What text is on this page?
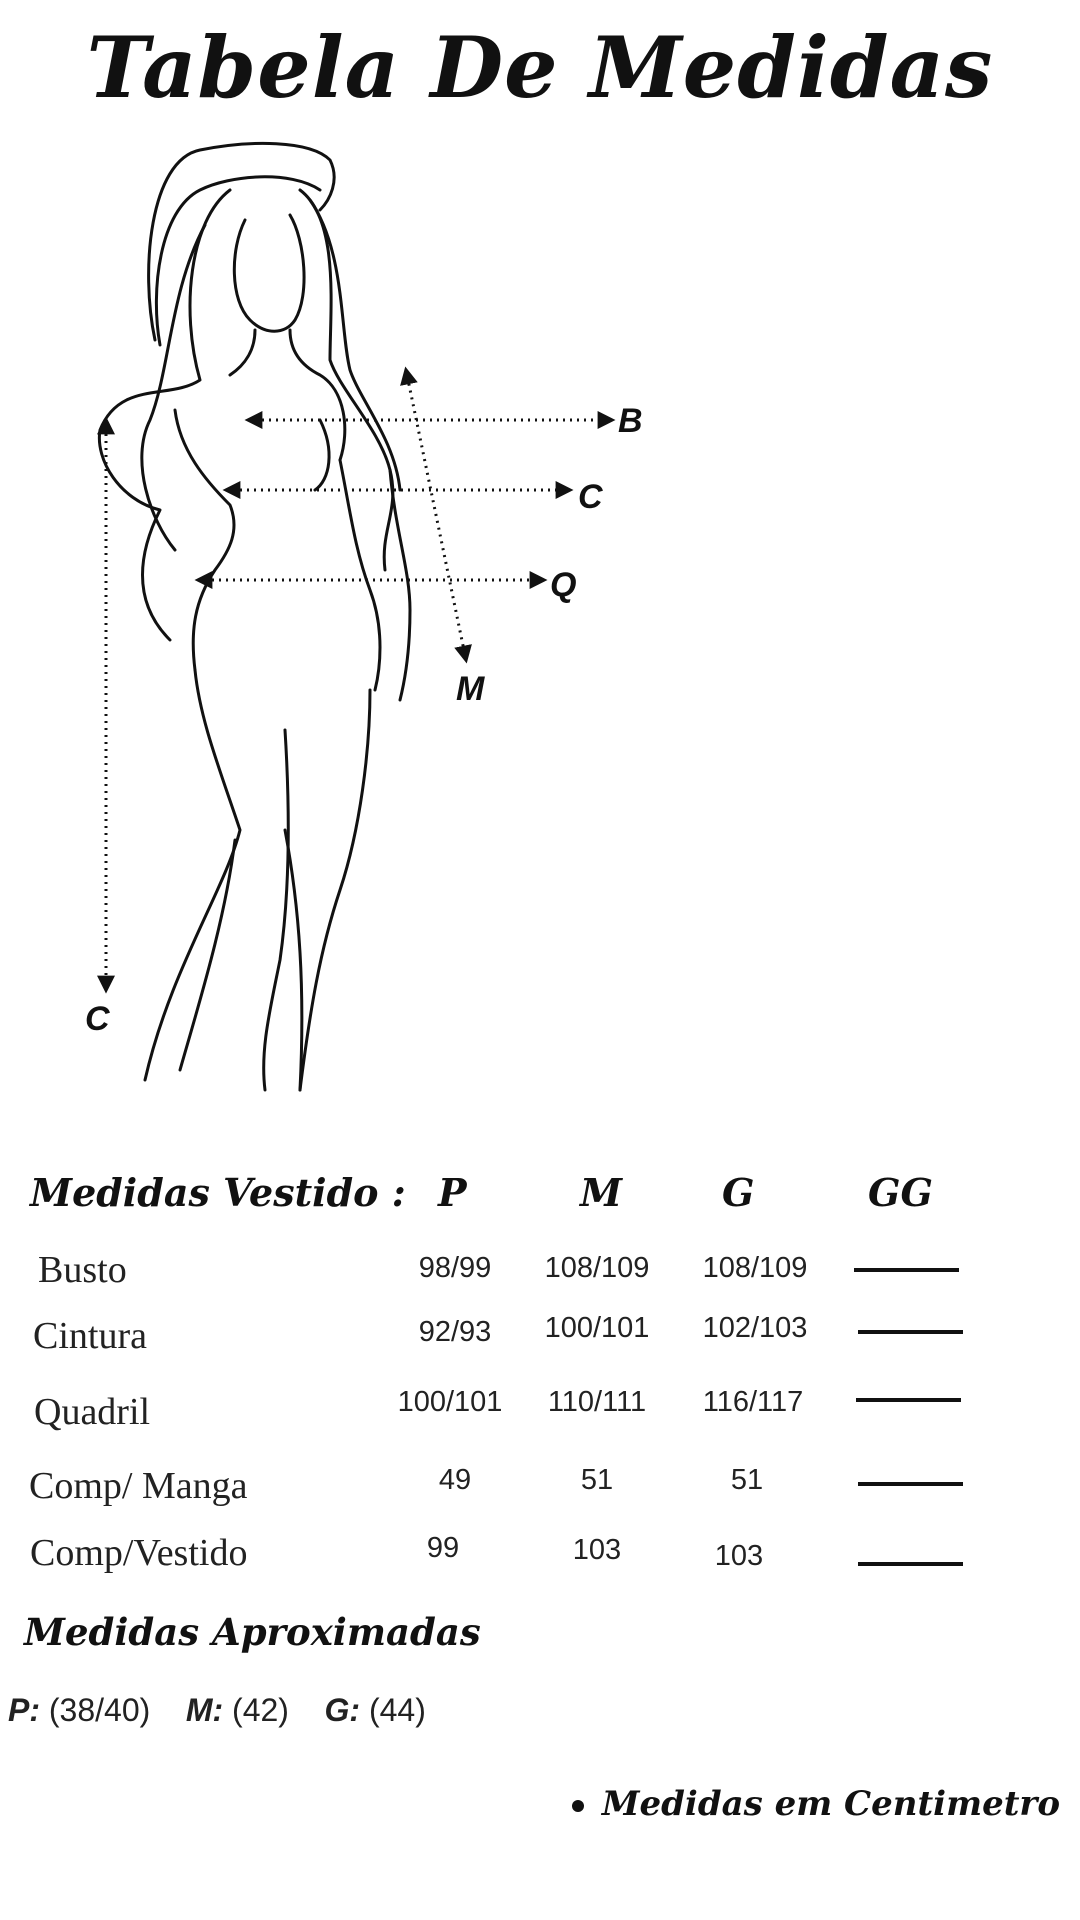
Tabela De Medidas
B
C
Q
M
C
Medidas Vestido : P	M	G	GG
Busto	98/99	108/109	108/109
Cintura	92/93	100/101	102/103
Quadril	100/101	110/111	116/117
Comp/ Manga	49	51	51
Comp/Vestido	99	103	103
Medidas Aproximadas
P: (38/40) M: (42) G: (44)
Medidas em Centimetro
